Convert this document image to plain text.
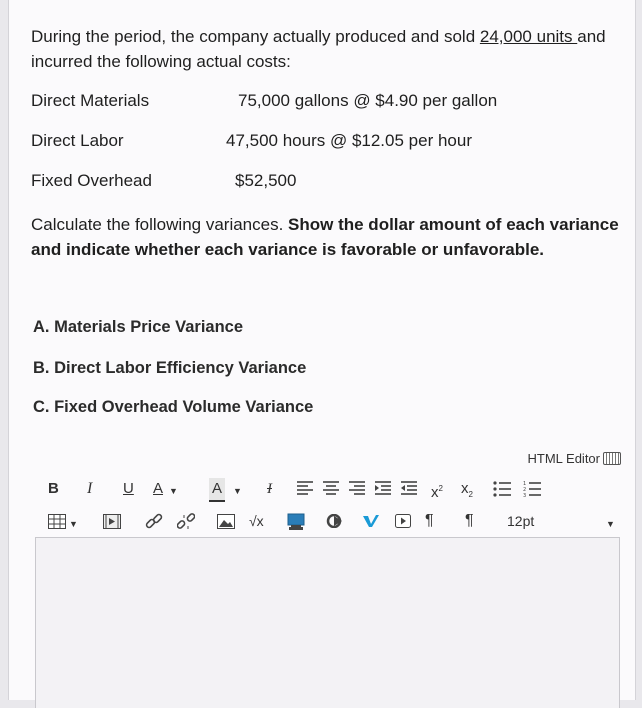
During the period, the company actually produced and sold 24,000 units and incurred the following actual costs:

Direct Materials	75,000 gallons @ $4.90 per gallon
Direct Labor	47,500 hours @ $12.05 per hour
Fixed Overhead	$52,500

Calculate the following variances. Show the dollar amount of each variance and indicate whether each variance is favorable or unfavorable.

A. Materials Price Variance
B. Direct Labor Efficiency Variance
C. Fixed Overhead Volume Variance
HTML Editor
B I U A ▼ A	▼ I	$x^2$ $x_2$
1
2
3
▼	√x	¶ ¶ 12pt	▼
